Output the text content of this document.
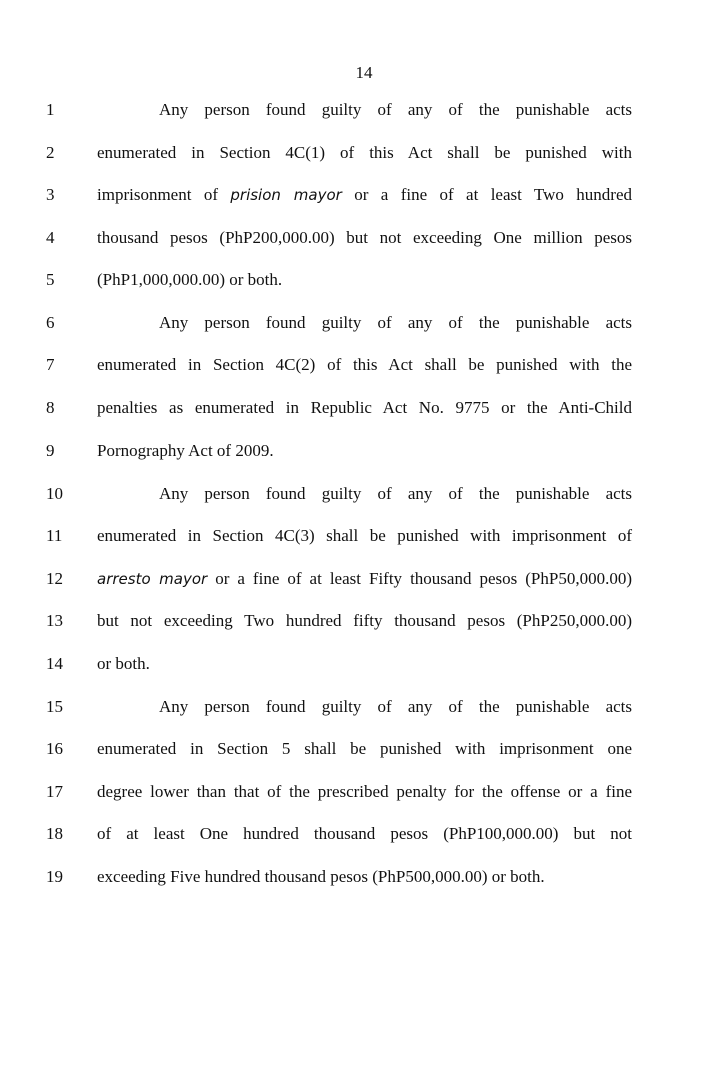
14
1	Any person found guilty of any of the punishable acts
2	enumerated in Section 4C(1) of this Act shall be punished with
3	imprisonment of prision mayor or a fine of at least Two hundred
4	thousand pesos (PhP200,000.00) but not exceeding One million pesos
5	(PhP1,000,000.00) or both.
6	Any person found guilty of any of the punishable acts
7	enumerated in Section 4C(2) of this Act shall be punished with the
8	penalties as enumerated in Republic Act No. 9775 or the Anti-Child
9	Pornography Act of 2009.
10	Any person found guilty of any of the punishable acts
11	enumerated in Section 4C(3) shall be punished with imprisonment of
12	arresto mayor or a fine of at least Fifty thousand pesos (PhP50,000.00)
13	but not exceeding Two hundred fifty thousand pesos (PhP250,000.00)
14	or both.
15	Any person found guilty of any of the punishable acts
16	enumerated in Section 5 shall be punished with imprisonment one
17	degree lower than that of the prescribed penalty for the offense or a fine
18	of at least One hundred thousand pesos (PhP100,000.00) but not
19	exceeding Five hundred thousand pesos (PhP500,000.00) or both.
